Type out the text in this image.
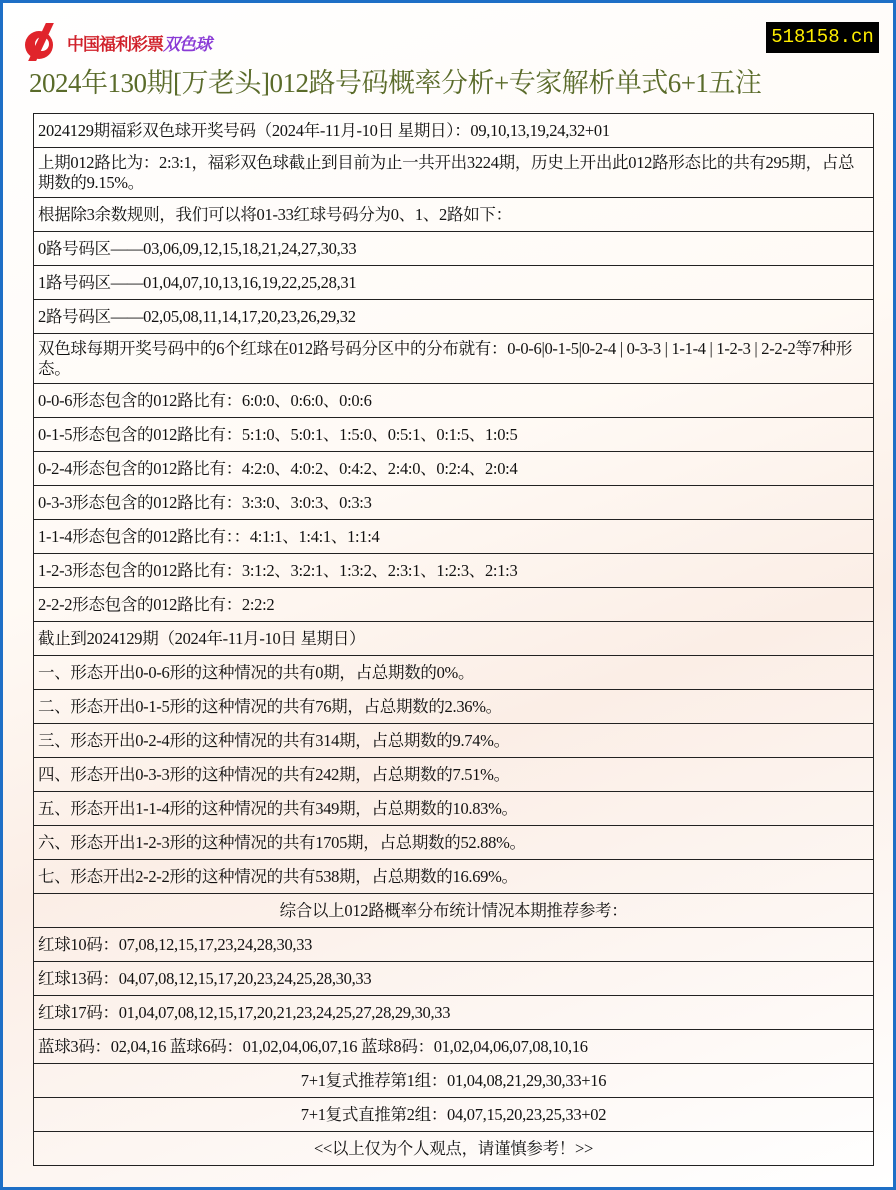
中国福利彩票双色球	518158.cn
2024年130期[万老头]012路号码概率分析+专家解析单式6+1五注
2024129期福彩双色球开奖号码（2024年-11月-10日 星期日）：09,10,13,19,24,32+01
上期012路比为：2:3:1，福彩双色球截止到目前为止一共开出3224期，历史上开出此012路形态比的共有295期，占总期数的9.15%。
根据除3余数规则，我们可以将01-33红球号码分为0、1、2路如下：
0路号码区——03,06,09,12,15,18,21,24,27,30,33
1路号码区——01,04,07,10,13,16,19,22,25,28,31
2路号码区——02,05,08,11,14,17,20,23,26,29,32
双色球每期开奖号码中的6个红球在012路号码分区中的分布就有：0-0-6|0-1-5|0-2-4 | 0-3-3 | 1-1-4 | 1-2-3 | 2-2-2等7种形态。
0-0-6形态包含的012路比有：6:0:0、0:6:0、0:0:6
0-1-5形态包含的012路比有：5:1:0、5:0:1、1:5:0、0:5:1、0:1:5、1:0:5
0-2-4形态包含的012路比有：4:2:0、4:0:2、0:4:2、2:4:0、0:2:4、2:0:4
0-3-3形态包含的012路比有：3:3:0、3:0:3、0:3:3
1-1-4形态包含的012路比有：：4:1:1、1:4:1、1:1:4
1-2-3形态包含的012路比有：3:1:2、3:2:1、1:3:2、2:3:1、1:2:3、2:1:3
2-2-2形态包含的012路比有：2:2:2
截止到2024129期（2024年-11月-10日 星期日）
一、形态开出0-0-6形的这种情况的共有0期，占总期数的0%。
二、形态开出0-1-5形的这种情况的共有76期，占总期数的2.36%。
三、形态开出0-2-4形的这种情况的共有314期，占总期数的9.74%。
四、形态开出0-3-3形的这种情况的共有242期，占总期数的7.51%。
五、形态开出1-1-4形的这种情况的共有349期，占总期数的10.83%。
六、形态开出1-2-3形的这种情况的共有1705期，占总期数的52.88%。
七、形态开出2-2-2形的这种情况的共有538期，占总期数的16.69%。
综合以上012路概率分布统计情况本期推荐参考：
红球10码：07,08,12,15,17,23,24,28,30,33
红球13码：04,07,08,12,15,17,20,23,24,25,28,30,33
红球17码：01,04,07,08,12,15,17,20,21,23,24,25,27,28,29,30,33
蓝球3码：02,04,16 蓝球6码：01,02,04,06,07,16 蓝球8码：01,02,04,06,07,08,10,16
7+1复式推荐第1组：01,04,08,21,29,30,33+16
7+1复式直推第2组：04,07,15,20,23,25,33+02
<<以上仅为个人观点，请谨慎参考！>>
